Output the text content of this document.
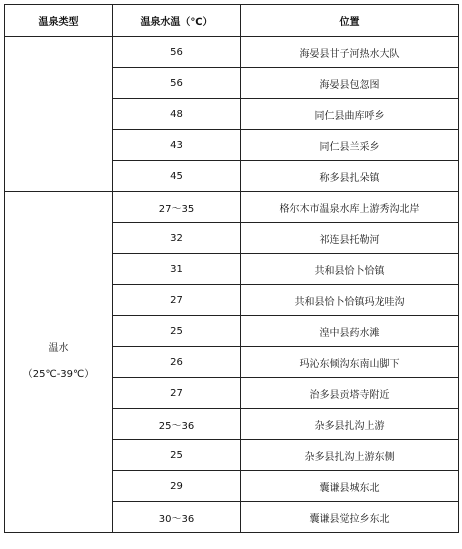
温泉类型	温泉水温（℃）	位置

	56	海晏县甘子河热水大队
	56	海晏县包忽图
	48	同仁县曲库呼乡
	43	同仁县兰采乡
	45	称多县扎朵镇

温水
（25℃-39℃）	27～35	格尔木市温泉水库上游秀沟北岸
	32	祁连县托勒河
	31	共和县恰卜恰镇
	27	共和县恰卜恰镇玛龙哇沟
	25	湟中县药水滩
	26	玛沁东倾沟东南山脚下
	27	治多县贡塔寺附近
	25～36	杂多县扎沟上游
	25	杂多县扎沟上游东侧
	29	囊谦县城东北
	30～36	囊谦县觉拉乡东北
